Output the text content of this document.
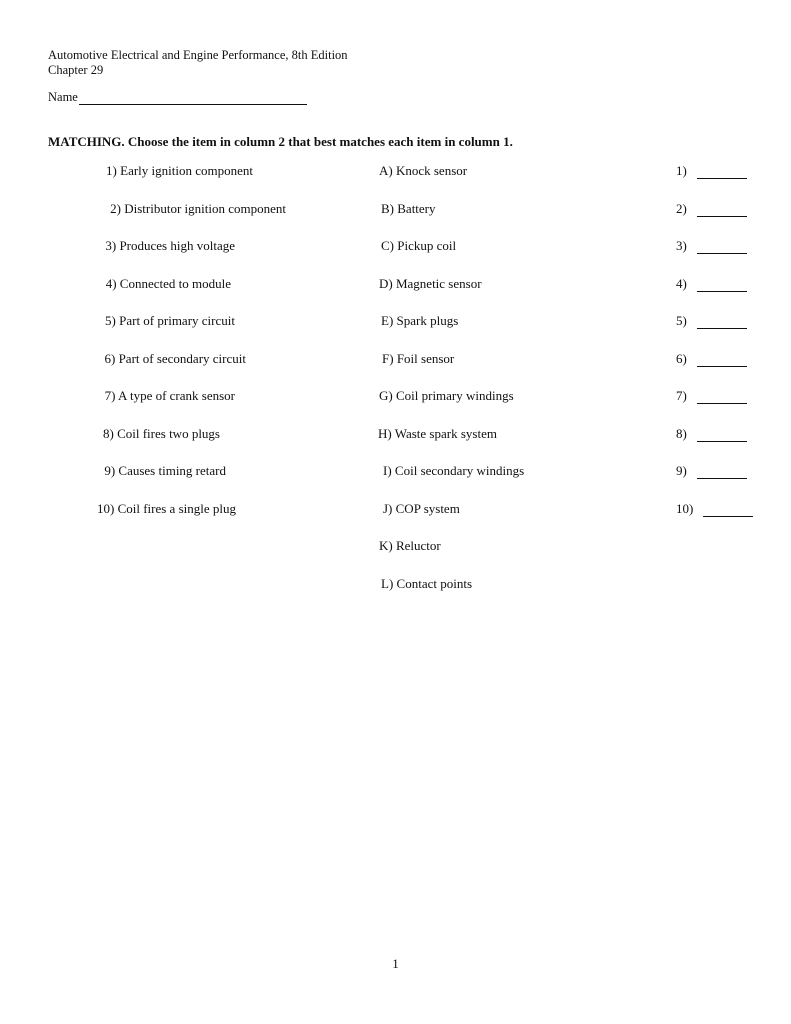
Automotive Electrical and Engine Performance, 8th Edition
Chapter 29
Name
MATCHING. Choose the item in column 2 that best matches each item in column 1.
1) Early ignition component
2) Distributor ignition component
3) Produces high voltage
4) Connected to module
5) Part of primary circuit
6) Part of secondary circuit
7) A type of crank sensor
8) Coil fires two plugs
9) Causes timing retard
10) Coil fires a single plug
A) Knock sensor
B) Battery
C) Pickup coil
D) Magnetic sensor
E) Spark plugs
F) Foil sensor
G) Coil primary windings
H) Waste spark system
I) Coil secondary windings
J) COP system
K) Reluctor
L) Contact points
1)
2)
3)
4)
5)
6)
7)
8)
9)
10)
1
